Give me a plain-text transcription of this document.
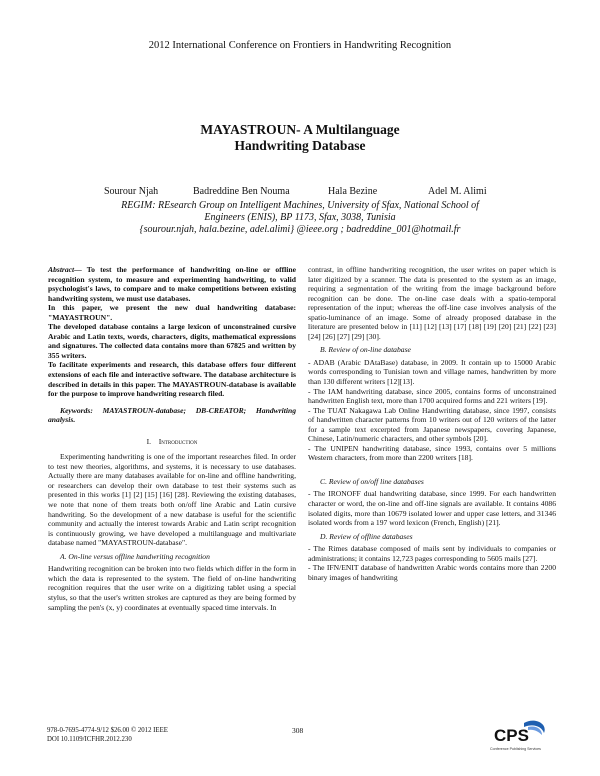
2012 International Conference on Frontiers in Handwriting Recognition
MAYASTROUN- A Multilanguage
Handwriting Database
Sourour Njah	Badreddine Ben Nouma	Hala Bezine	Adel M. Alimi
REGIM: REsearch Group on Intelligent Machines, University of Sfax, National School of
Engineers (ENIS), BP 1173, Sfax, 3038, Tunisia
{sourour.njah, hala.bezine, adel.alimi} @ieee.org ; badreddine_001@hotmail.fr

Abstract— To test the performance of handwriting on-line or offline recognition system, to measure and experimenting handwriting, to valid psychologist's laws, to compare and to make competitions between existing handwriting system, we must use databases.

In this paper, we present the new dual handwriting database: "MAYASTROUN".

The developed database contains a large lexicon of unconstrained cursive Arabic and Latin texts, words, characters, digits, mathematical expressions and signatures. The collected data contains more than 67825 and written by 355 writers.

To facilitate experiments and research, this database offers four different extensions of each file and interactive software. The database architecture is described in details in this paper. The MAYASTROUN-database is available for the purpose to improve handwriting research filed.

Keywords: MAYASTROUN-database; DB-CREATOR; Handwriting analysis.

I. Introduction

Experimenting handwriting is one of the important researches filed. In order to test new theories, algorithms, and systems, it is necessary to use databases. Actually there are many databases available for on-line and offline handwriting, or researchers can develop their own database to test their systems such as presented in this works [1] [2] [15] [16] [28]. Reviewing the existing databases, we note that none of them treats both on/off line Arabic and Latin cursive handwriting. So the development of a new database is useful for the scientific community and actually the interest towards Arabic and Latin script recognition is continuously growing, we have developed a multilanguage and multivariate database named "MAYASTROUN-database".

A. On-line versus offline handwriting recognition

Handwriting recognition can be broken into two fields which differ in the form in which the data is represented to the system. The field of on-line handwriting recognition requires that the user write on a digitizing tablet using a special stylus, so that the user's written strokes are captured as they are being formed by sampling the pen's (x, y) coordinates at eventually spaced time intervals. In

contrast, in offline handwriting recognition, the user writes on paper which is later digitized by a scanner. The data is presented to the system as an image, requiring a segmentation of the writing from the image background before recognition can be done. The on-line case deals with a spatio-temporal representation of the input; whereas the off-line case involves analysis of the spatio-luminance of an image. Some of already proposed database in the literature are presented below in [11] [12] [13] [17] [18] [19] [20] [21] [22] [23] [24] [26] [27] [29] [30].

B. Review of on-line database

- ADAB (Arabic DAtaBase) database, in 2009. It contain up to 15000 Arabic words corresponding to Tunisian town and village names, handwritten by more than 130 different writers [12][13].

- The IAM handwriting database, since 2005, contains forms of unconstrained handwritten English text, more than 1700 acquired forms and 221 writers [19].

- The TUAT Nakagawa Lab Online Handwriting database, since 1997, consists of handwritten character patterns from 10 writers out of 120 writers of the latter for a sample text excerpted from Japanese newspapers, covering Japanese, Chinese, Latin/numeric characters, and other symbols [20].

- The UNIPEN handwriting database, since 1993, contains over 5 millions Western characters, from more than 2200 writers [18].

C. Review of on/off line databases

- The IRONOFF dual handwriting database, since 1999. For each handwritten character or word, the on-line and off-line signals are available. It contains 4086 isolated digits, more than 10679 isolated lower and upper case letters, and 31346 isolated words from a 197 word lexicon (French, English) [21].

D. Review of offline databases

- The Rimes database composed of mails sent by individuals to companies or administrations; it contains 12,723 pages corresponding to 5605 mails [27].

- The IFN/ENIT database of handwritten Arabic words contains more than 2200 binary images of handwriting

978-0-7695-4774-9/12 $26.00 © 2012 IEEE
DOI 10.1109/ICFHR.2012.230
308	CPS
Conference Publishing Services
